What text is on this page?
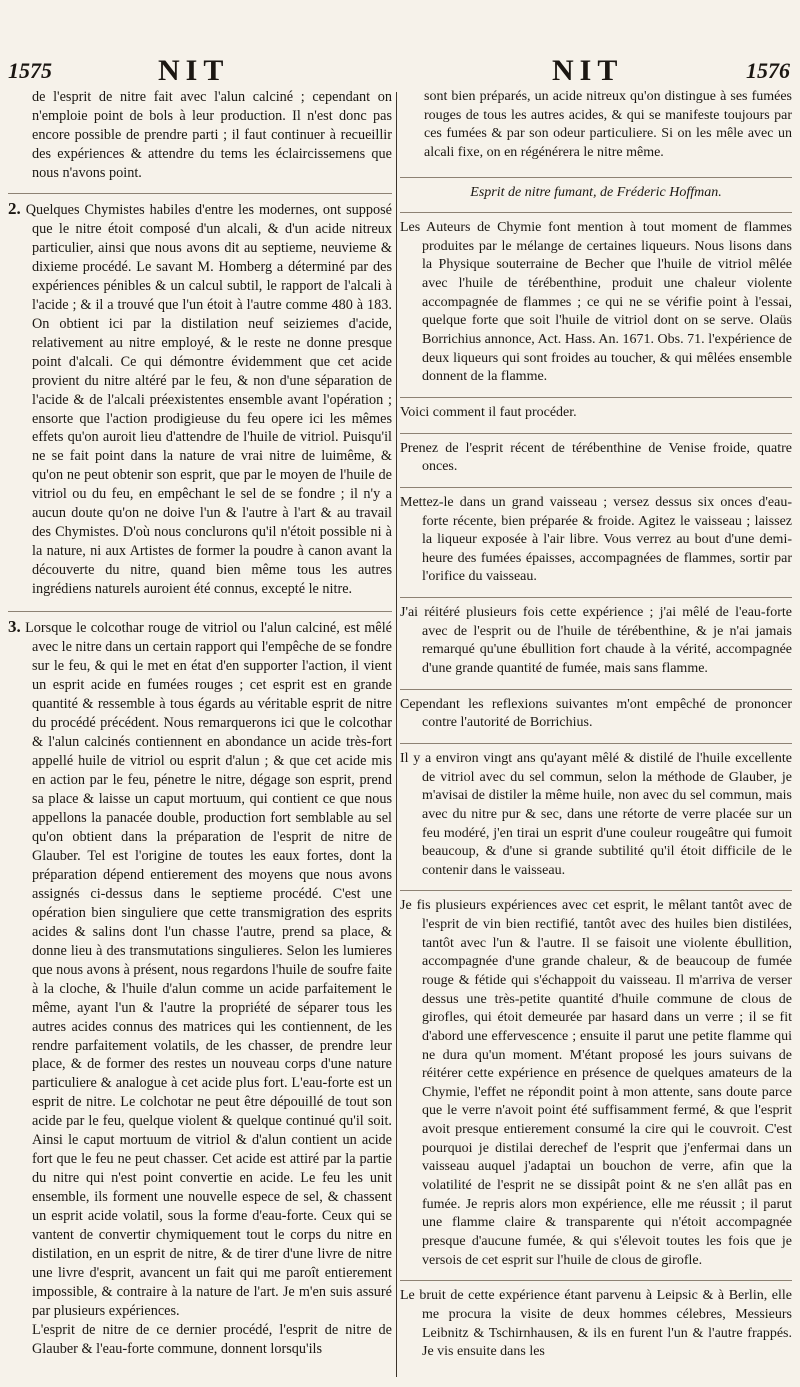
1575	NIT	NIT	1576

de l'esprit de nitre fait avec l'alun calciné ; cependant on n'emploie point de bols à leur production. Il n'est donc pas encore possible de prendre parti ; il faut continuer à recueillir des expériences & attendre du tems les éclaircissemens que nous n'avons point.

2. Quelques Chymistes habiles d'entre les modernes, ont supposé que le nitre étoit composé d'un alcali, & d'un acide nitreux particulier, ainsi que nous avons dit au septieme, neuvieme & dixieme procédé. Le savant M. Homberg a déterminé par des expériences pénibles & un calcul subtil, le rapport de l'alcali à l'acide ; & il a trouvé que l'un étoit à l'autre comme 480 à 183. On obtient ici par la distilation neuf seiziemes d'acide, relativement au nitre employé, & le reste ne donne presque point d'alcali. Ce qui démontre évidemment que cet acide provient du nitre altéré par le feu, & non d'une séparation de l'acide & de l'alcali préexistentes ensemble avant l'opération ; ensorte que l'action prodigieuse du feu opere ici les mêmes effets qu'on auroit lieu d'attendre de l'huile de vitriol. Puisqu'il ne se fait point dans la nature de vrai nitre de luimême, & qu'on ne peut obtenir son esprit, que par le moyen de l'huile de vitriol ou du feu, en empêchant le sel de se fondre ; il n'y a aucun doute qu'on ne doive l'un & l'autre à l'art & au travail des Chymistes. D'où nous conclurons qu'il n'étoit possible ni à la nature, ni aux Artistes de former la poudre à canon avant la découverte du nitre, quand bien même tous les autres ingrédiens naturels auroient été connus, excepté le nitre.

3. Lorsque le colcothar rouge de vitriol ou l'alun calciné, est mêlé avec le nitre dans un certain rapport qui l'empêche de se fondre sur le feu, & qui le met en état d'en supporter l'action, il vient un esprit acide en fumées rouges ; cet esprit est en grande quantité & ressemble à tous égards au véritable esprit de nitre du procédé précédent. Nous remarquerons ici que le colcothar & l'alun calcinés contiennent en abondance un acide très-fort appellé huile de vitriol ou esprit d'alun ; & que cet acide mis en action par le feu, pénetre le nitre, dégage son esprit, prend sa place & laisse un caput mortuum, qui contient ce que nous appellons la panacée double, production fort semblable au sel qu'on obtient dans la préparation de l'esprit de nitre de Glauber. Tel est l'origine de toutes les eaux fortes, dont la préparation dépend entierement des moyens que nous avons assignés ci-dessus dans le septieme procédé. C'est une opération bien singuliere que cette transmigration des esprits acides & salins dont l'un chasse l'autre, prend sa place, & donne lieu à des transmutations singulieres. Selon les lumieres que nous avons à présent, nous regardons l'huile de soufre faite à la cloche, & l'huile d'alun comme un acide parfaitement le même, ayant l'un & l'autre la propriété de séparer tous les autres acides connus des matrices qui les contiennent, de les rendre parfaitement volatils, de les chasser, de prendre leur place, & de former des restes un nouveau corps d'une nature particuliere & analogue à cet acide plus fort. L'eau-forte est un esprit de nitre. Le colchotar ne peut être dépouillé de tout son acide par le feu, quelque violent & quelque continué qu'il soit. Ainsi le caput mortuum de vitriol & d'alun contient un acide fort que le feu ne peut chasser. Cet acide est attiré par la partie du nitre qui n'est point convertie en acide. Le feu les unit ensemble, ils forment une nouvelle espece de sel, & chassent un esprit acide volatil, sous la forme d'eau-forte. Ceux qui se vantent de convertir chymiquement tout le corps du nitre en distilation, en un esprit de nitre, & de tirer d'une livre de nitre une livre d'esprit, avancent un fait qui me paroît entierement impossible, & contraire à la nature de l'art. Je m'en suis assuré par plusieurs expériences.

L'esprit de nitre de ce dernier procédé, l'esprit de nitre de Glauber & l'eau-forte commune, donnent lorsqu'ils

sont bien préparés, un acide nitreux qu'on distingue à ses fumées rouges de tous les autres acides, & qui se manifeste toujours par ces fumées & par son odeur particuliere. Si on les mêle avec un alcali fixe, on en régénérera le nitre même.

Esprit de nitre fumant, de Fréderic Hoffman.

Les Auteurs de Chymie font mention à tout moment de flammes produites par le mélange de certaines liqueurs. Nous lisons dans la Physique souterraine de Becher que l'huile de vitriol mêlée avec l'huile de térébenthine, produit une chaleur violente accompagnée de flammes ; ce qui ne se vérifie point à l'essai, quelque forte que soit l'huile de vitriol dont on se serve. Olaüs Borrichius annonce, Act. Hass. An. 1671. Obs. 71. l'expérience de deux liqueurs qui sont froides au toucher, & qui mêlées ensemble donnent de la flamme.

Voici comment il faut procéder.

Prenez de l'esprit récent de térébenthine de Venise froide, quatre onces.

Mettez-le dans un grand vaisseau ; versez dessus six onces d'eau-forte récente, bien préparée & froide. Agitez le vaisseau ; laissez la liqueur exposée à l'air libre. Vous verrez au bout d'une demi-heure des fumées épaisses, accompagnées de flammes, sortir par l'orifice du vaisseau.

J'ai réitéré plusieurs fois cette expérience ; j'ai mêlé de l'eau-forte avec de l'esprit ou de l'huile de térébenthine, & je n'ai jamais remarqué qu'une ébullition fort chaude à la vérité, accompagnée d'une grande quantité de fumée, mais sans flamme.

Cependant les reflexions suivantes m'ont empêché de prononcer contre l'autorité de Borrichius.

Il y a environ vingt ans qu'ayant mêlé & distilé de l'huile excellente de vitriol avec du sel commun, selon la méthode de Glauber, je m'avisai de distiler la même huile, non avec du sel commun, mais avec du nitre pur & sec, dans une rétorte de verre placée sur un feu modéré, j'en tirai un esprit d'une couleur rougeâtre qui fumoit beaucoup, & d'une si grande subtilité qu'il étoit difficile de le contenir dans le vaisseau.

Je fis plusieurs expériences avec cet esprit, le mêlant tantôt avec de l'esprit de vin bien rectifié, tantôt avec des huiles bien distilées, tantôt avec l'un & l'autre. Il se faisoit une violente ébullition, accompagnée d'une grande chaleur, & de beaucoup de fumée rouge & fétide qui s'échappoit du vaisseau. Il m'arriva de verser dessus une très-petite quantité d'huile commune de clous de girofles, qui étoit demeurée par hasard dans un verre ; il se fit d'abord une effervescence ; ensuite il parut une petite flamme qui ne dura qu'un moment. M'étant proposé les jours suivans de réitérer cette expérience en présence de quelques amateurs de la Chymie, l'effet ne répondit point à mon attente, sans doute parce que le verre n'avoit point été suffisamment fermé, & que l'esprit avoit presque entierement consumé la cire qui le couvroit. C'est pourquoi je distilai derechef de l'esprit que j'enfermai dans un vaisseau auquel j'adaptai un bouchon de verre, afin que la volatilité de l'esprit ne se dissipât point & ne s'en allât pas en fumée. Je repris alors mon expérience, elle me réussit ; il parut une flamme claire & transparente qui n'étoit accompagnée presque d'aucune fumée, & qui s'élevoit toutes les fois que je versois de cet esprit sur l'huile de clous de girofle.

Le bruit de cette expérience étant parvenu à Leipsic & à Berlin, elle me procura la visite de deux hommes célebres, Messieurs Leibnitz & Tschirnhausen, & ils en furent l'un & l'autre frappés. Je vis ensuite dans les
